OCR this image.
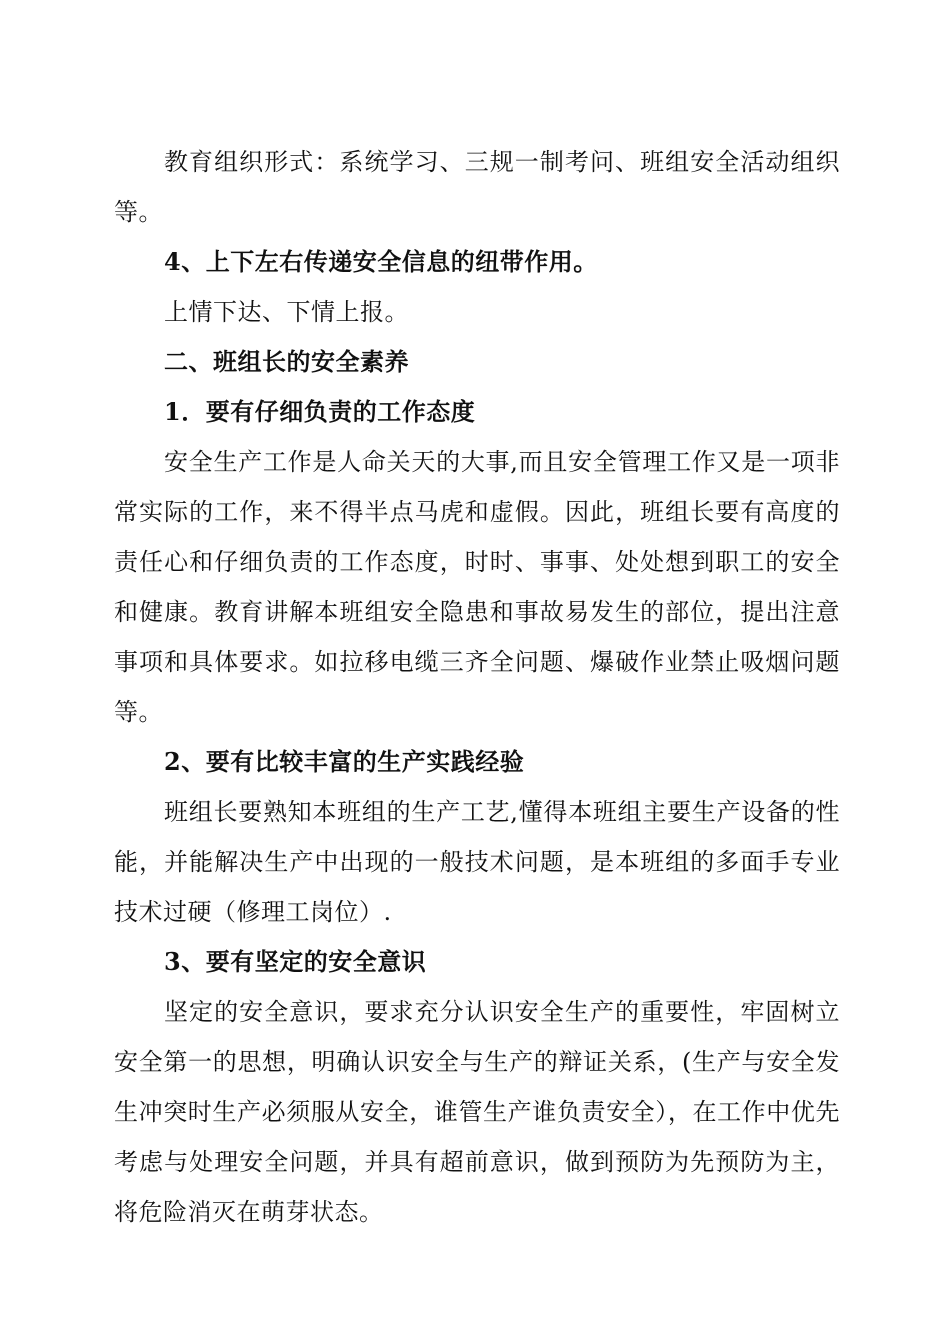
教育组织形式：系统学习、三规一制考问、班组安全活动组织等。

4、上下左右传递安全信息的纽带作用。

上情下达、下情上报。

二、班组长的安全素养

1．要有仔细负责的工作态度

安全生产工作是人命关天的大事,而且安全管理工作又是一项非常实际的工作，来不得半点马虎和虚假。因此，班组长要有高度的责任心和仔细负责的工作态度，时时、事事、处处想到职工的安全和健康。教育讲解本班组安全隐患和事故易发生的部位，提出注意事项和具体要求。如拉移电缆三齐全问题、爆破作业禁止吸烟问题等。

2、要有比较丰富的生产实践经验

班组长要熟知本班组的生产工艺,懂得本班组主要生产设备的性能，并能解决生产中出现的一般技术问题，是本班组的多面手专业技术过硬（修理工岗位）.

3、要有坚定的安全意识

坚定的安全意识，要求充分认识安全生产的重要性，牢固树立安全第一的思想，明确认识安全与生产的辩证关系，(生产与安全发生冲突时生产必须服从安全，谁管生产谁负责安全），在工作中优先考虑与处理安全问题，并具有超前意识，做到预防为先预防为主，将危险消灭在萌芽状态。
